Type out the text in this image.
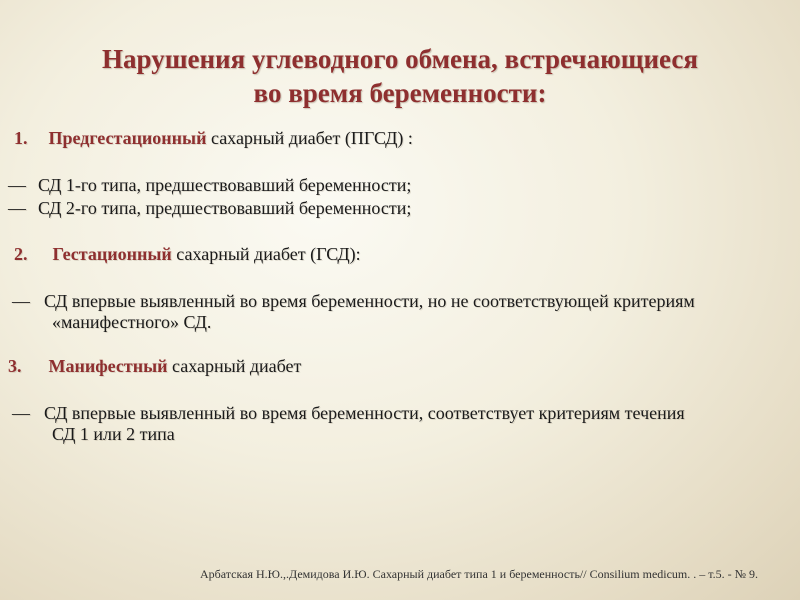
Нарушения углеводного обмена, встречающиеся
во время беременности:
1. Предгестационный сахарный диабет (ПГСД) :
— СД 1-го типа, предшествовавший беременности;
— СД 2-го типа, предшествовавший беременности;
2. Гестационный сахарный диабет (ГСД):
— СД впервые выявленный во время беременности, но не соответствующей критериям
«манифестного» СД.
3. Манифестный сахарный диабет
— СД впервые выявленный во время беременности, соответствует критериям течения
СД 1 или 2 типа
Арбатская Н.Ю.,.Демидова И.Ю. Сахарный диабет типа 1 и беременность// Consilium medicum. . – т.5. - № 9.
